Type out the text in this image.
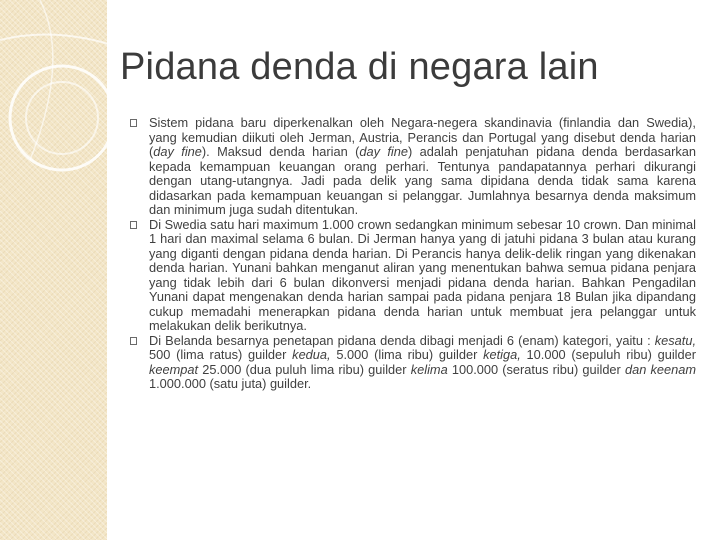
Pidana denda di negara lain
Sistem pidana baru diperkenalkan oleh Negara-negera skandinavia (finlandia dan Swedia), yang kemudian diikuti oleh Jerman, Austria, Perancis dan Portugal yang disebut denda harian (day fine). Maksud denda harian (day fine) adalah penjatuhan pidana denda berdasarkan kepada kemampuan keuangan orang perhari. Tentunya pandapatannya perhari dikurangi dengan utang-utangnya. Jadi pada delik yang sama dipidana denda tidak sama karena didasarkan pada kemampuan keuangan si pelanggar. Jumlahnya besarnya denda maksimum dan minimum juga sudah ditentukan.
Di Swedia satu hari maximum 1.000 crown sedangkan minimum sebesar 10 crown. Dan minimal 1 hari dan maximal selama 6 bulan. Di Jerman hanya yang di jatuhi pidana 3 bulan atau kurang yang diganti dengan pidana denda harian. Di Perancis hanya delik-delik ringan yang dikenakan denda harian. Yunani bahkan menganut aliran yang menentukan bahwa semua pidana penjara yang tidak lebih dari 6 bulan dikonversi menjadi pidana denda harian. Bahkan Pengadilan Yunani dapat mengenakan denda harian sampai pada pidana penjara 18 Bulan jika dipandang cukup memadahi menerapkan pidana denda harian untuk membuat jera pelanggar untuk melakukan delik berikutnya.
Di Belanda besarnya penetapan pidana denda dibagi menjadi 6 (enam) kategori, yaitu : kesatu, 500 (lima ratus) guilder kedua, 5.000 (lima ribu) guilder ketiga, 10.000 (sepuluh ribu) guilder keempat 25.000 (dua puluh lima ribu) guilder kelima 100.000 (seratus ribu) guilder dan keenam 1.000.000 (satu juta) guilder.
